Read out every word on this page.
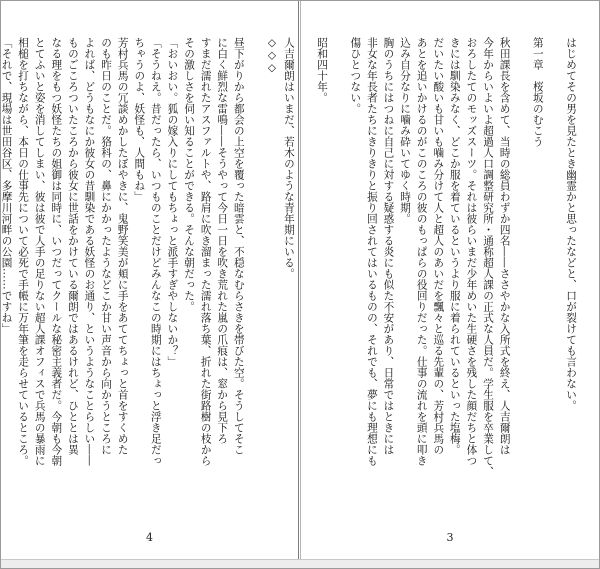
◇◇◇

昼下がりから都会の上空を覆った暗雲と、不穏なむらさきを帯びた空。そうしてそこ
に白く鮮烈な雷鳴――そうやって今日一日を吹き荒れた嵐の爪痕は、窓から見下ろ
すまだ濡れたアスファルトや、路肩に吹き溜まった濡れ落ち葉、折れた街路樹の枝から
その激しさを伺い知ることができる。そんな朝だった。
「おいおい。狐の嫁入りにしてもちょっと派手すぎやしないか？」
「そうねえ。昔だったら、いつものことだけどみんなこの時期にはちょっと浮き足だっ
ちゃうのよ、妖怪も、人間もね」
芳村兵馬の冗談めかしたぼやきに、鬼野笑美が頬に手をあててちょっと首をすくめた
のも昨日のことだ。狢科の、鼻にかかったようなどこか甘い声音から向かうところに
よれば、どうもなにか彼女の昔馴染である妖怪のお通り、というようなことらしい――
ものごころついたころから彼女に世話をかけている爾朗ではあるけれど、ひととは異
なる理をもつ妖怪たちの姐御は同時に、いつだってクールな秘密主義者だ。今朝も今朝
とてふいと姿を消してしまい、彼は彼で人手の足りない超人課オフィスで兵馬の暴雨に
相槌を打ちながら、本日の仕事先について必死で手帳に万年筆を走らせているところ。
「それで、現場は世田谷区、多摩川河畔の公園……ですね」
4
はじめてその男を見たとき幽霊かと思ったなどと、口が裂けても言わない。

第一章　桜坂のむこう

秋田課長を含めて、当時の総員わずか四名――ささやかな入所式を終え、人吉爾朗は
今年からいよいよ超過人口調整研究所・通称超人課の正式な人員だ。学生服を卒業して、
おろしたてのモッズスーツ。それは彼らいまだ少年めいた生硬さを残した顔だちと体つ
きには馴染みなく、どこか服を着ているというより服に着られているといった塩梅。
だいたい酸いも甘いも噛み分けて人と超人のあいだを飄々と巡る先輩の、芳村兵馬の
あとを追いかけるのがこのころの彼のもっぱらの役回りだった。仕事の流れを頭に叩き
込み自分なりに噛み砕いてゆく時期。
胸のうちにはつねに自己に対する疑惑する炎にも似た不安があり、日常ではときには
非女な年長者たちにきりきりと振り回されてはいるものの、それでも、夢にも理想にも
傷ひとつない。

昭和四十年。

人吉爾朗はいまだ、若木のような青年期にいる。
3
